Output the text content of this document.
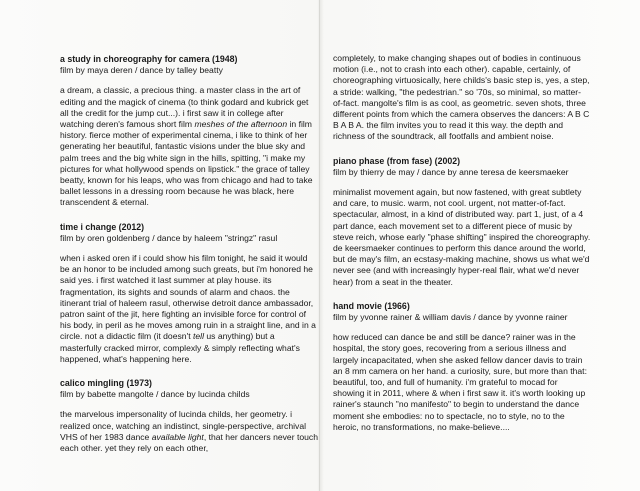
a study in choreography for camera (1948)

film by maya deren / dance by talley beatty

a dream, a classic, a precious thing. a master class in the art of editing and the magick of cinema (to think godard and kubrick get all the credit for the jump cut...). i first saw it in college after watching deren's famous short film meshes of the afternoon in film history. fierce mother of experimental cinema, i like to think of her generating her beautiful, fantastic visions under the blue sky and palm trees and the big white sign in the hills, spitting, "i make my pictures for what hollywood spends on lipstick." the grace of talley beatty, known for his leaps, who was from chicago and had to take ballet lessons in a dressing room because he was black, here transcendent & eternal.

time i change (2012)

film by oren goldenberg / dance by haleem "stringz" rasul

when i asked oren if i could show his film tonight, he said it would be an honor to be included among such greats, but i'm honored he said yes. i first watched it last summer at play house. its fragmentation, its sights and sounds of alarm and chaos. the itinerant trial of haleem rasul, otherwise detroit dance ambassador, patron saint of the jit, here fighting an invisible force for control of his body, in peril as he moves among ruin in a straight line, and in a circle. not a didactic film (it doesn't tell us anything) but a masterfully cracked mirror, complexly & simply reflecting what's happened, what's happening here.

calico mingling (1973)

film by babette mangolte / dance by lucinda childs

the marvelous impersonality of lucinda childs, her geometry. i realized once, watching an indistinct, single-perspective, archival VHS of her 1983 dance available light, that her dancers never touch each other. yet they rely on each other,

completely, to make changing shapes out of bodies in continuous motion (i.e., not to crash into each other). capable, certainly, of choreographing virtuosically, here childs's basic step is, yes, a step, a stride: walking, "the pedestrian." so '70s, so minimal, so matter-of-fact. mangolte's film is as cool, as geometric. seven shots, three different points from which the camera observes the dancers: A B C B A B A. the film invites you to read it this way. the depth and richness of the soundtrack, all footfalls and ambient noise.

piano phase (from fase) (2002)

film by thierry de may / dance by anne teresa de keersmaeker

minimalist movement again, but now fastened, with great subtlety and care, to music. warm, not cool. urgent, not matter-of-fact. spectacular, almost, in a kind of distributed way. part 1, just, of a 4 part dance, each movement set to a different piece of music by steve reich, whose early "phase shifting" inspired the choreography. de keersmaeker continues to perform this dance around the world, but de may's film, an ecstasy-making machine, shows us what we'd never see (and with increasingly hyper-real flair, what we'd never hear) from a seat in the theater.

hand movie (1966)

film by yvonne rainer & william davis / dance by yvonne rainer

how reduced can dance be and still be dance? rainer was in the hospital, the story goes, recovering from a serious illness and largely incapacitated, when she asked fellow dancer davis to train an 8 mm camera on her hand. a curiosity, sure, but more than that: beautiful, too, and full of humanity. i'm grateful to mocad for showing it in 2011, where & when i first saw it. it's worth looking up rainer's staunch "no manifesto" to begin to understand the dance moment she embodies: no to spectacle, no to style, no to the heroic, no transformations, no make-believe....
